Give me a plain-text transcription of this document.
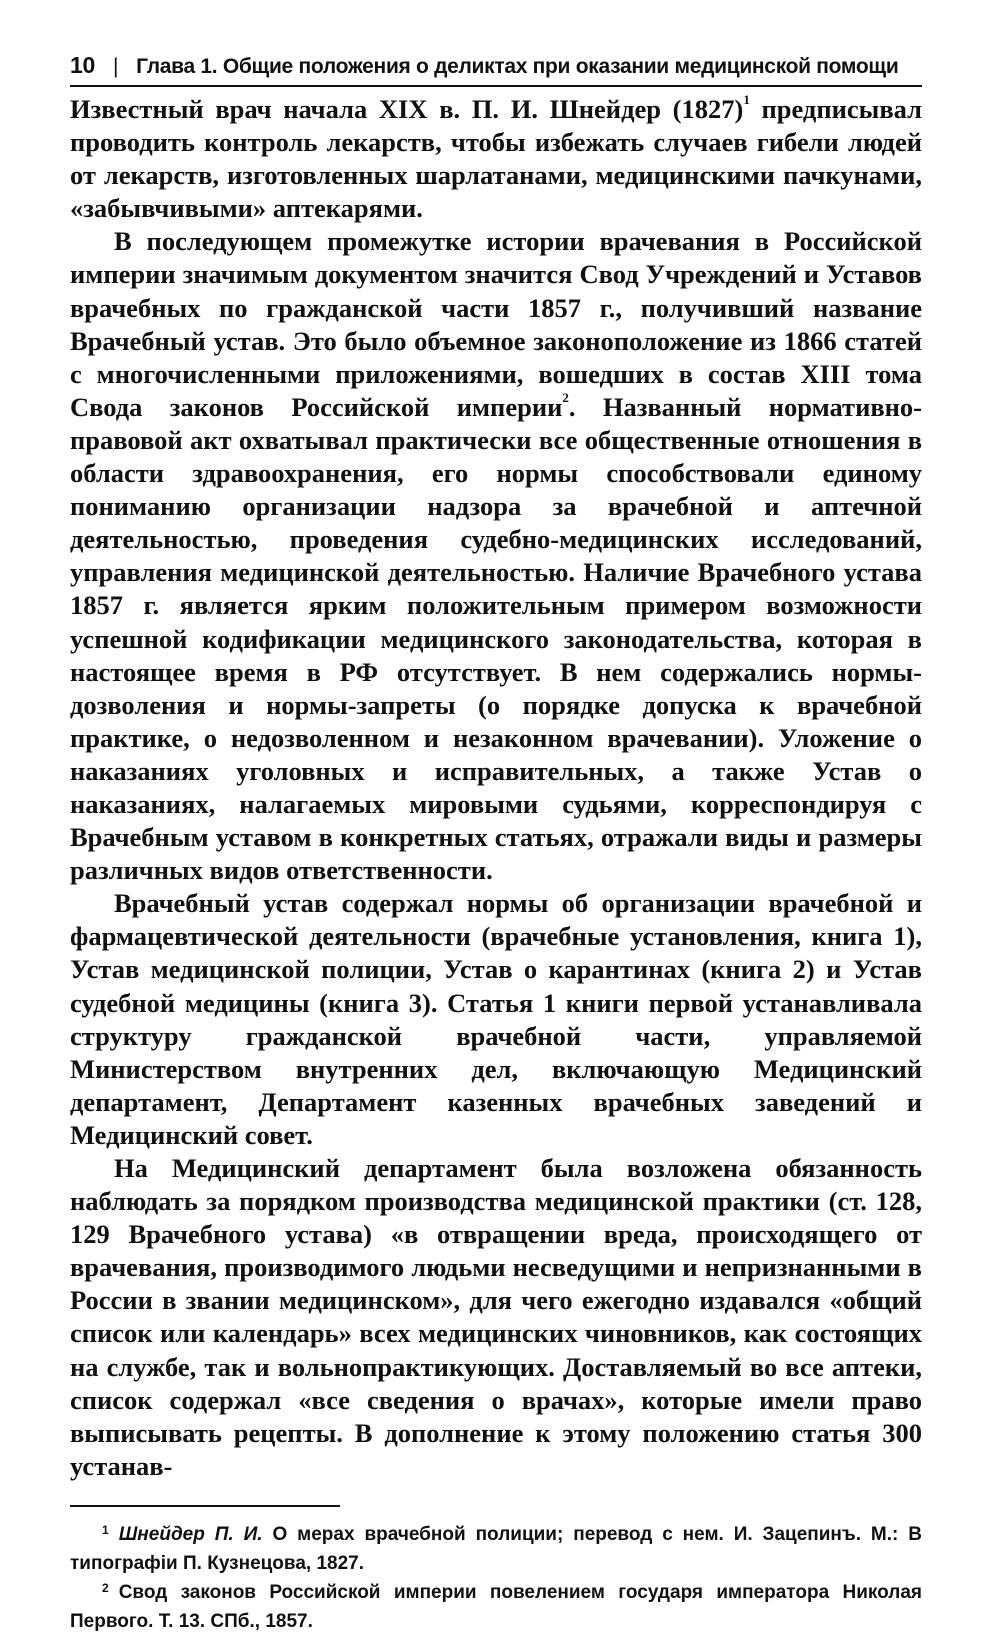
10 | Глава 1. Общие положения о деликтах при оказании медицинской помощи

Известный врач начала XIX в. П. И. Шнейдер $(1827)^1$ предписывал проводить контроль лекарств, чтобы избежать случаев гибели людей от лекарств, изготовленных шарлатанами, медицинскими пачкунами, «забывчивыми» аптекарями.

В последующем промежутке истории врачевания в Российской империи значимым документом значится Свод Учреждений и Уставов врачебных по гражданской части 1857 г., получивший название Врачебный устав. Это было объемное законоположение из 1866 статей с многочисленными приложениями, вошедших в состав XIII тома Свода законов Российской империи$^2$. Названный нормативно-правовой акт охватывал практически все общественные отношения в области здравоохранения, его нормы способствовали единому пониманию организации надзора за врачебной и аптечной деятельностью, проведения судебно-медицинских исследований, управления медицинской деятельностью. Наличие Врачебного устава 1857 г. является ярким положительным примером возможности успешной кодификации медицинского законодательства, которая в настоящее время в РФ отсутствует. В нем содержались нормы-дозволения и нормы-запреты (о порядке допуска к врачебной практике, о недозволенном и незаконном врачевании). Уложение о наказаниях уголовных и исправительных, а также Устав о наказаниях, налагаемых мировыми судьями, корреспондируя с Врачебным уставом в конкретных статьях, отражали виды и размеры различных видов ответственности.

Врачебный устав содержал нормы об организации врачебной и фармацевтической деятельности (врачебные установления, книга 1), Устав медицинской полиции, Устав о карантинах (книга 2) и Устав судебной медицины (книга 3). Статья 1 книги первой устанавливала структуру гражданской врачебной части, управляемой Министерством внутренних дел, включающую Медицинский департамент, Департамент казенных врачебных заведений и Медицинский совет.

На Медицинский департамент была возложена обязанность наблюдать за порядком производства медицинской практики (ст. 128, 129 Врачебного устава) «в отвращении вреда, происходящего от врачевания, производимого людьми несведущими и непризнанными в России в звании медицинском», для чего ежегодно издавался «общий список или календарь» всех медицинских чиновников, как состоящих на службе, так и вольнопрактикующих. Доставляемый во все аптеки, список содержал «все сведения о врачах», которые имели право выписывать рецепты. В дополнение к этому положению статья 300 устанав-

$^1$ Шнейдер П. И. О мерах врачебной полиции; перевод с нем. И. Зацепинъ. М.: В типографіи П. Кузнецова, 1827.

$^2$ Свод законов Российской империи повелением государя императора Николая Первого. Т. 13. СПб., 1857.
